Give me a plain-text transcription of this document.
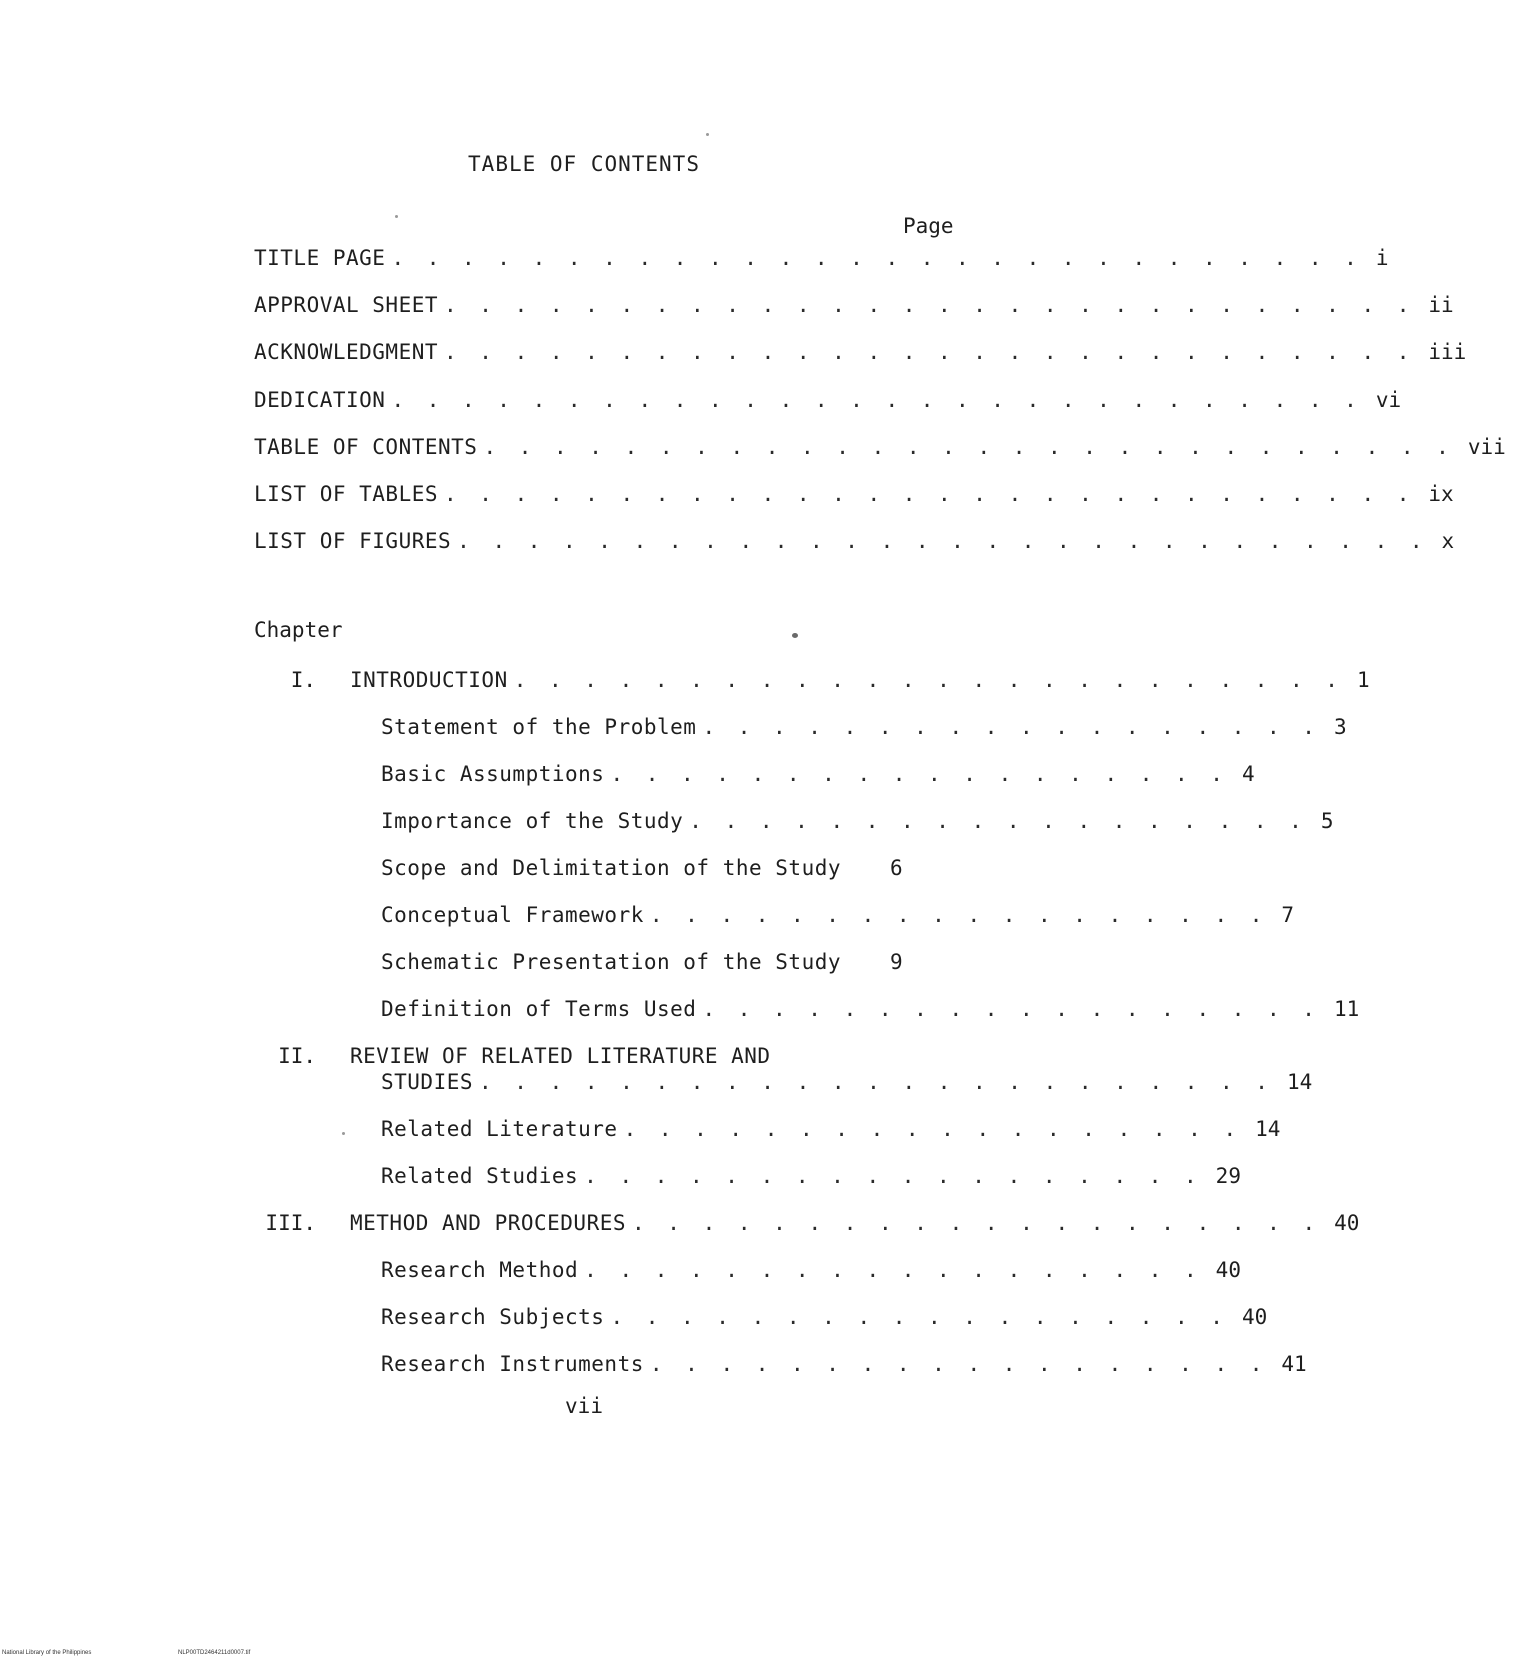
TABLE OF CONTENTS
Page
TITLE PAGE . . . . . . . . . . . . . . . . . . . . . . . . . . . . i
APPROVAL SHEET . . . . . . . . . . . . . . . . . . . . . . . . . . . . ii
ACKNOWLEDGMENT . . . . . . . . . . . . . . . . . . . . . . . . . . . . iii
DEDICATION . . . . . . . . . . . . . . . . . . . . . . . . . . . . vi
TABLE OF CONTENTS . . . . . . . . . . . . . . . . . . . . . . . . . . . . vii
LIST OF TABLES . . . . . . . . . . . . . . . . . . . . . . . . . . . . ix
LIST OF FIGURES . . . . . . . . . . . . . . . . . . . . . . . . . . . . x
Chapter
I. INTRODUCTION . . . . . . . . . . . . . . . . . . . . . . . . 1
Statement of the Problem . . . . . . . . . . . . . . . . . . 3
Basic Assumptions . . . . . . . . . . . . . . . . . . 4
Importance of the Study . . . . . . . . . . . . . . . . . . 5
Scope and Delimitation of the Study 6
Conceptual Framework . . . . . . . . . . . . . . . . . . 7
Schematic Presentation of the Study 9
Definition of Terms Used . . . . . . . . . . . . . . . . . . 11
II. REVIEW OF RELATED LITERATURE AND
STUDIES . . . . . . . . . . . . . . . . . . . . . . . 14
Related Literature . . . . . . . . . . . . . . . . . . 14
Related Studies . . . . . . . . . . . . . . . . . . 29
III. METHOD AND PROCEDURES . . . . . . . . . . . . . . . . . . . . 40
Research Method . . . . . . . . . . . . . . . . . . 40
Research Subjects . . . . . . . . . . . . . . . . . . 40
Research Instruments . . . . . . . . . . . . . . . . . . 41
vii
National Library of the Philippines	NLP00TD2464211d0007.tif
